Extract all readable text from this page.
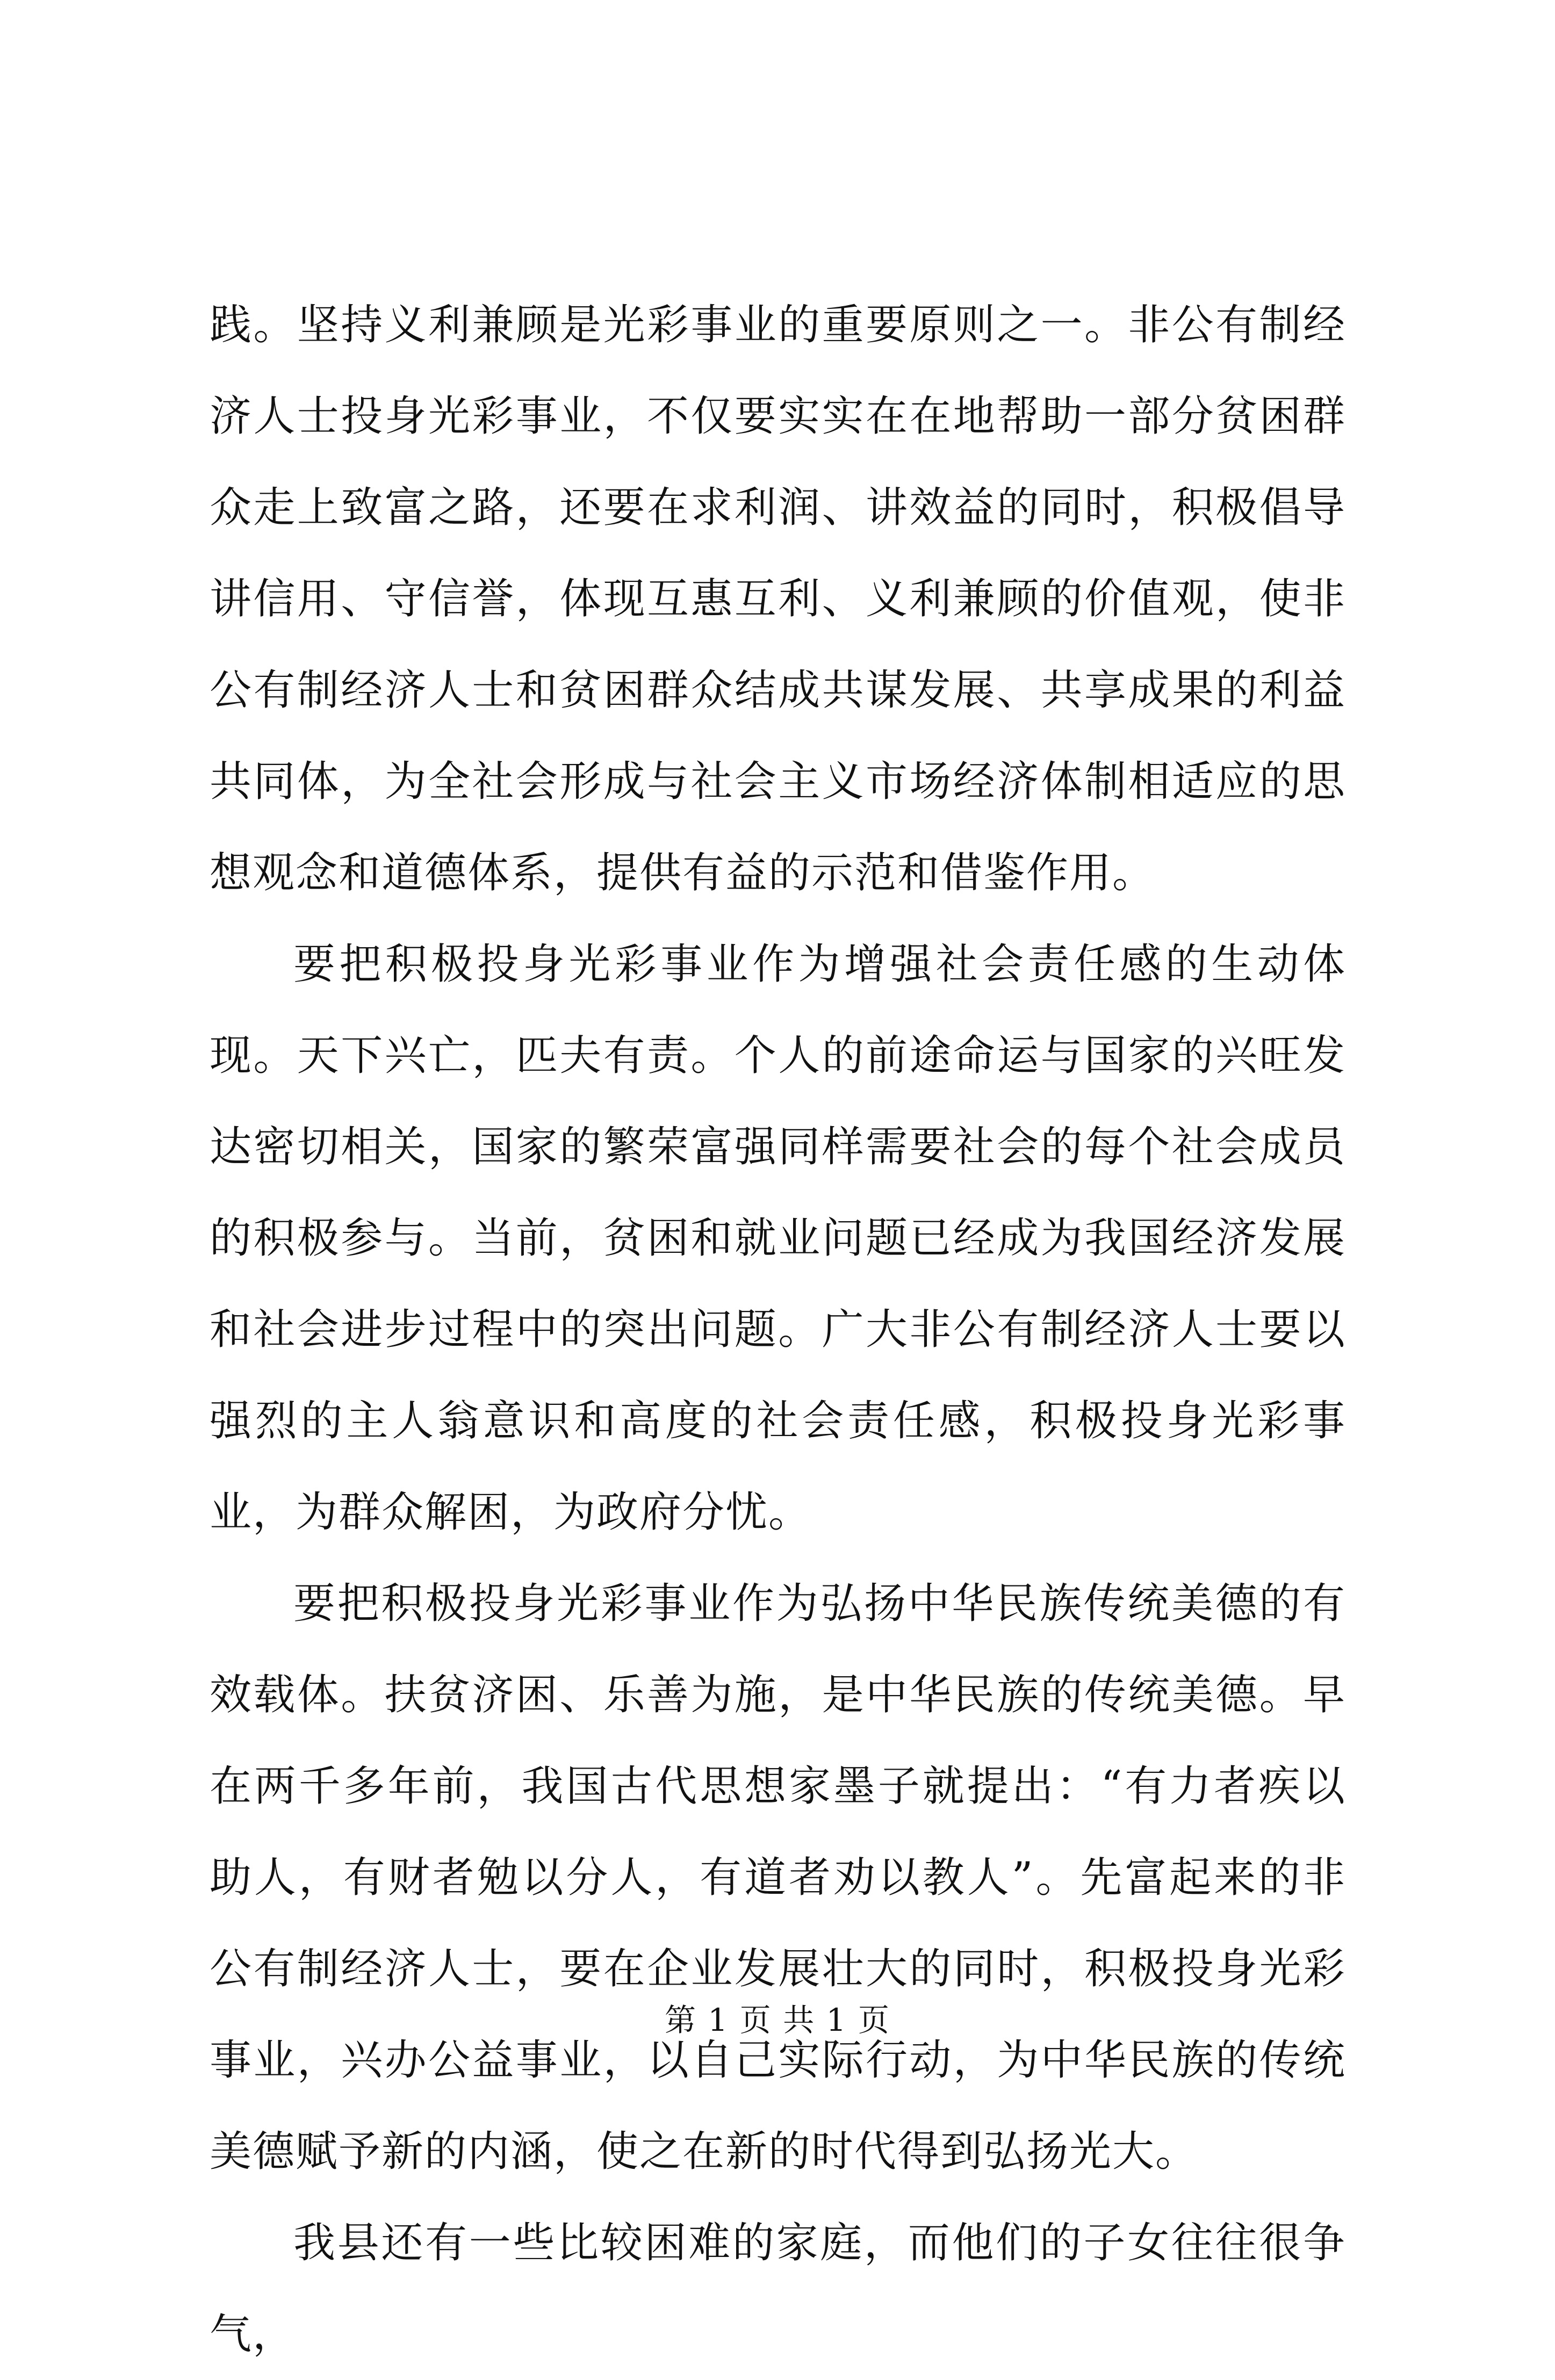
践。坚持义利兼顾是光彩事业的重要原则之一。非公有制经济人士投身光彩事业，不仅要实实在在地帮助一部分贫困群众走上致富之路，还要在求利润、讲效益的同时，积极倡导讲信用、守信誉，体现互惠互利、义利兼顾的价值观，使非公有制经济人士和贫困群众结成共谋发展、共享成果的利益共同体，为全社会形成与社会主义市场经济体制相适应的思想观念和道德体系，提供有益的示范和借鉴作用。

要把积极投身光彩事业作为增强社会责任感的生动体现。天下兴亡，匹夫有责。个人的前途命运与国家的兴旺发达密切相关，国家的繁荣富强同样需要社会的每个社会成员的积极参与。当前，贫困和就业问题已经成为我国经济发展和社会进步过程中的突出问题。广大非公有制经济人士要以强烈的主人翁意识和高度的社会责任感，积极投身光彩事业，为群众解困，为政府分忧。

要把积极投身光彩事业作为弘扬中华民族传统美德的有效载体。扶贫济困、乐善为施，是中华民族的传统美德。早在两千多年前，我国古代思想家墨子就提出：“有力者疾以助人，有财者勉以分人，有道者劝以教人”。先富起来的非公有制经济人士，要在企业发展壮大的同时，积极投身光彩事业，兴办公益事业，以自己实际行动，为中华民族的传统美德赋予新的内涵，使之在新的时代得到弘扬光大。

我县还有一些比较困难的家庭，而他们的子女往往很争气，

第 1 页 共 1 页
